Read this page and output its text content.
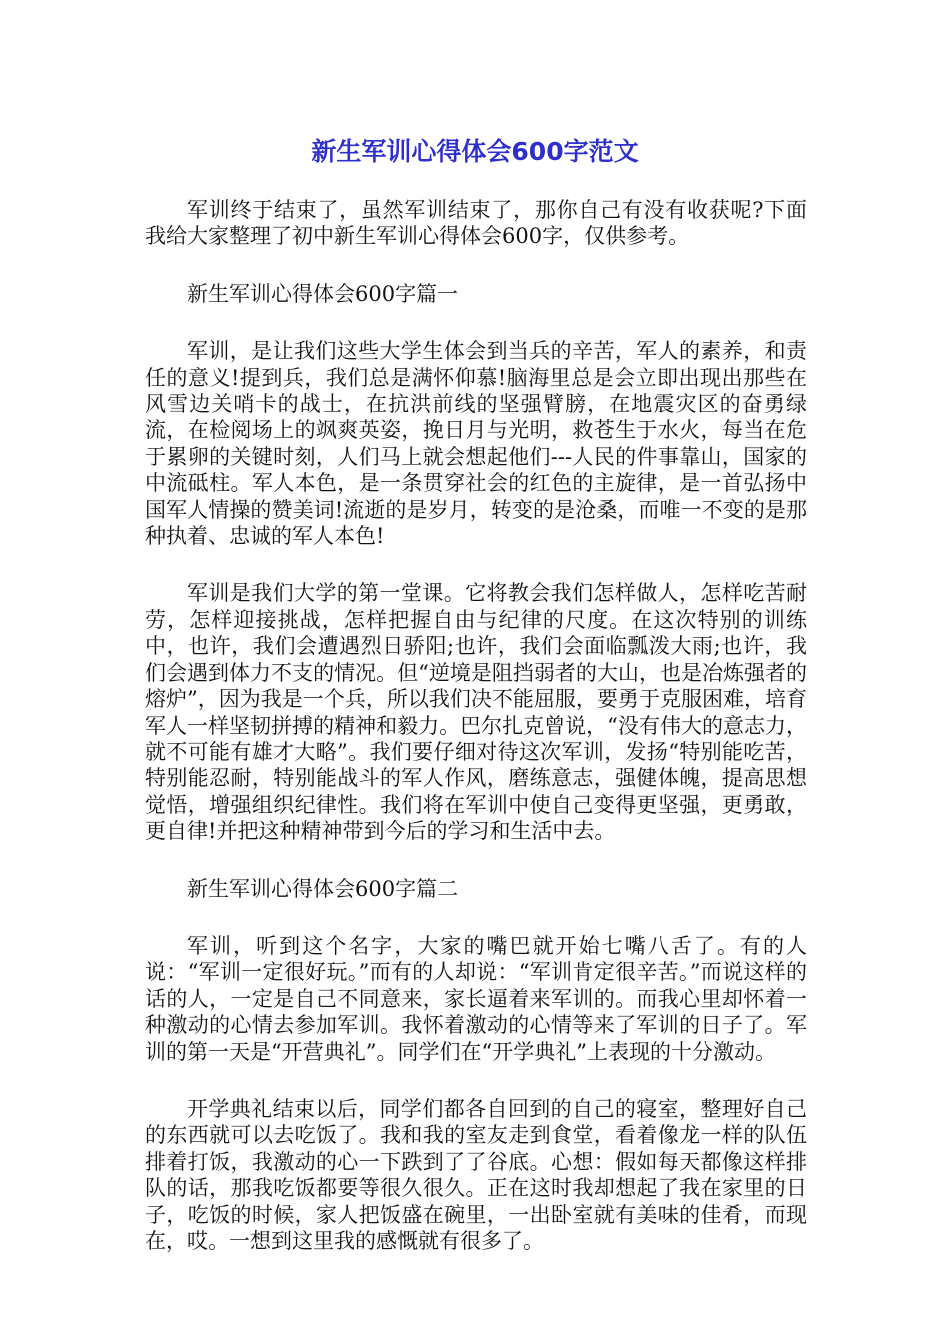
新生军训心得体会600字范文

军训终于结束了，虽然军训结束了，那你自己有没有收获呢?下面我给大家整理了初中新生军训心得体会600字，仅供参考。

新生军训心得体会600字篇一

军训，是让我们这些大学生体会到当兵的辛苦，军人的素养，和责任的意义!提到兵，我们总是满怀仰慕!脑海里总是会立即出现出那些在风雪边关哨卡的战士，在抗洪前线的坚强臂膀，在地震灾区的奋勇绿流，在检阅场上的飒爽英姿，挽日月与光明，救苍生于水火，每当在危于累卵的关键时刻，人们马上就会想起他们---人民的件事靠山，国家的中流砥柱。军人本色，是一条贯穿社会的红色的主旋律，是一首弘扬中国军人情操的赞美词!流逝的是岁月，转变的是沧桑，而唯一不变的是那种执着、忠诚的军人本色!

军训是我们大学的第一堂课。它将教会我们怎样做人，怎样吃苦耐劳，怎样迎接挑战，怎样把握自由与纪律的尺度。在这次特别的训练中，也许，我们会遭遇烈日骄阳;也许，我们会面临瓢泼大雨;也许，我们会遇到体力不支的情况。但“逆境是阻挡弱者的大山，也是冶炼强者的熔炉”，因为我是一个兵，所以我们决不能屈服，要勇于克服困难，培育军人一样坚韧拼搏的精神和毅力。巴尔扎克曾说，“没有伟大的意志力，就不可能有雄才大略”。我们要仔细对待这次军训，发扬“特别能吃苦，特别能忍耐，特别能战斗的军人作风，磨练意志，强健体魄，提高思想觉悟，增强组织纪律性。我们将在军训中使自己变得更坚强，更勇敢，更自律!并把这种精神带到今后的学习和生活中去。

新生军训心得体会600字篇二

军训，听到这个名字，大家的嘴巴就开始七嘴八舌了。有的人说：“军训一定很好玩。”而有的人却说：“军训肯定很辛苦。”而说这样的话的人，一定是自己不同意来，家长逼着来军训的。而我心里却怀着一种激动的心情去参加军训。我怀着激动的心情等来了军训的日子了。军训的第一天是“开营典礼”。同学们在“开学典礼”上表现的十分激动。

开学典礼结束以后，同学们都各自回到的自己的寝室，整理好自己的东西就可以去吃饭了。我和我的室友走到食堂，看着像龙一样的队伍排着打饭，我激动的心一下跌到了了谷底。心想：假如每天都像这样排队的话，那我吃饭都要等很久很久。正在这时我却想起了我在家里的日子，吃饭的时候，家人把饭盛在碗里，一出卧室就有美味的佳肴，而现在，哎。一想到这里我的感慨就有很多了。
